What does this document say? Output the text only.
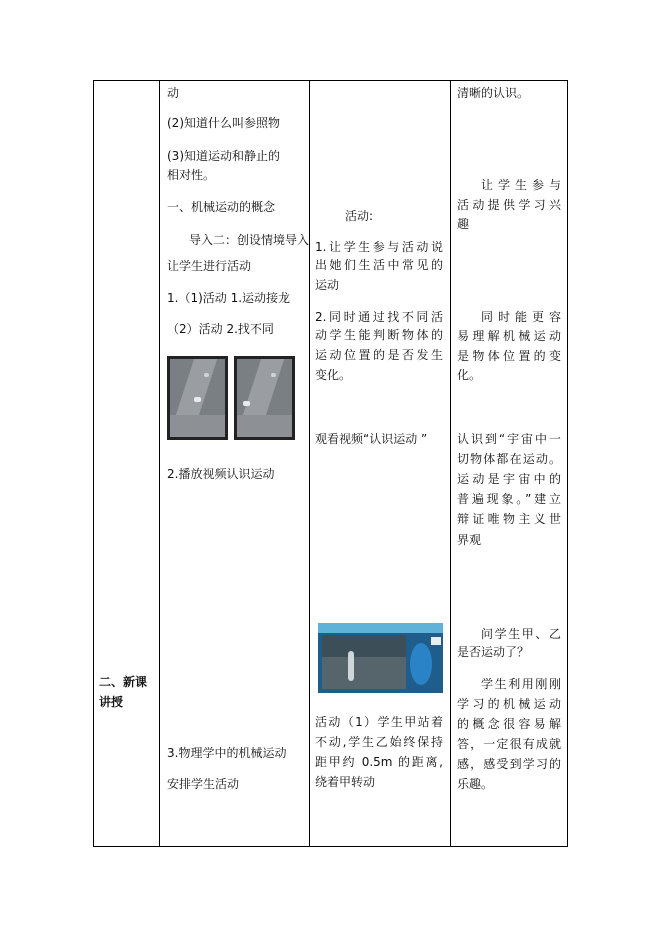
二、新课
讲授
动
(2)知道什么叫参照物
(3)知道运动和静止的
相对性。
一、机械运动的概念
导入二：创设情境导入
让学生进行活动
1.（1)活动 1.运动接龙
（2）活动 2.找不同
2.播放视频认识运动
3.物理学中的机械运动
安排学生活动
活动:
1.让学生参与活动说
出她们生活中常见的
运动
2.同时通过找不同活
动学生能判断物体的
运动位置的是否发生
变化。
观看视频“认识运动 ”
活动（1）学生甲站着
不动,学生乙始终保持
距甲约 0.5m 的距离,
绕着甲转动
清晰的认识。
让学生参与
活动提供学习兴
趣
同时能更容
易理解机械运动
是物体位置的变
化。
认识到“宇宙中一
切物体都在运动。
运动是宇宙中的
普遍现象。”建立
辩证唯物主义世
界观
问学生甲、乙
是否运动了？
学生利用刚刚
学习的机械运动
的概念很容易解
答，一定很有成就
感，感受到学习的
乐趣。
